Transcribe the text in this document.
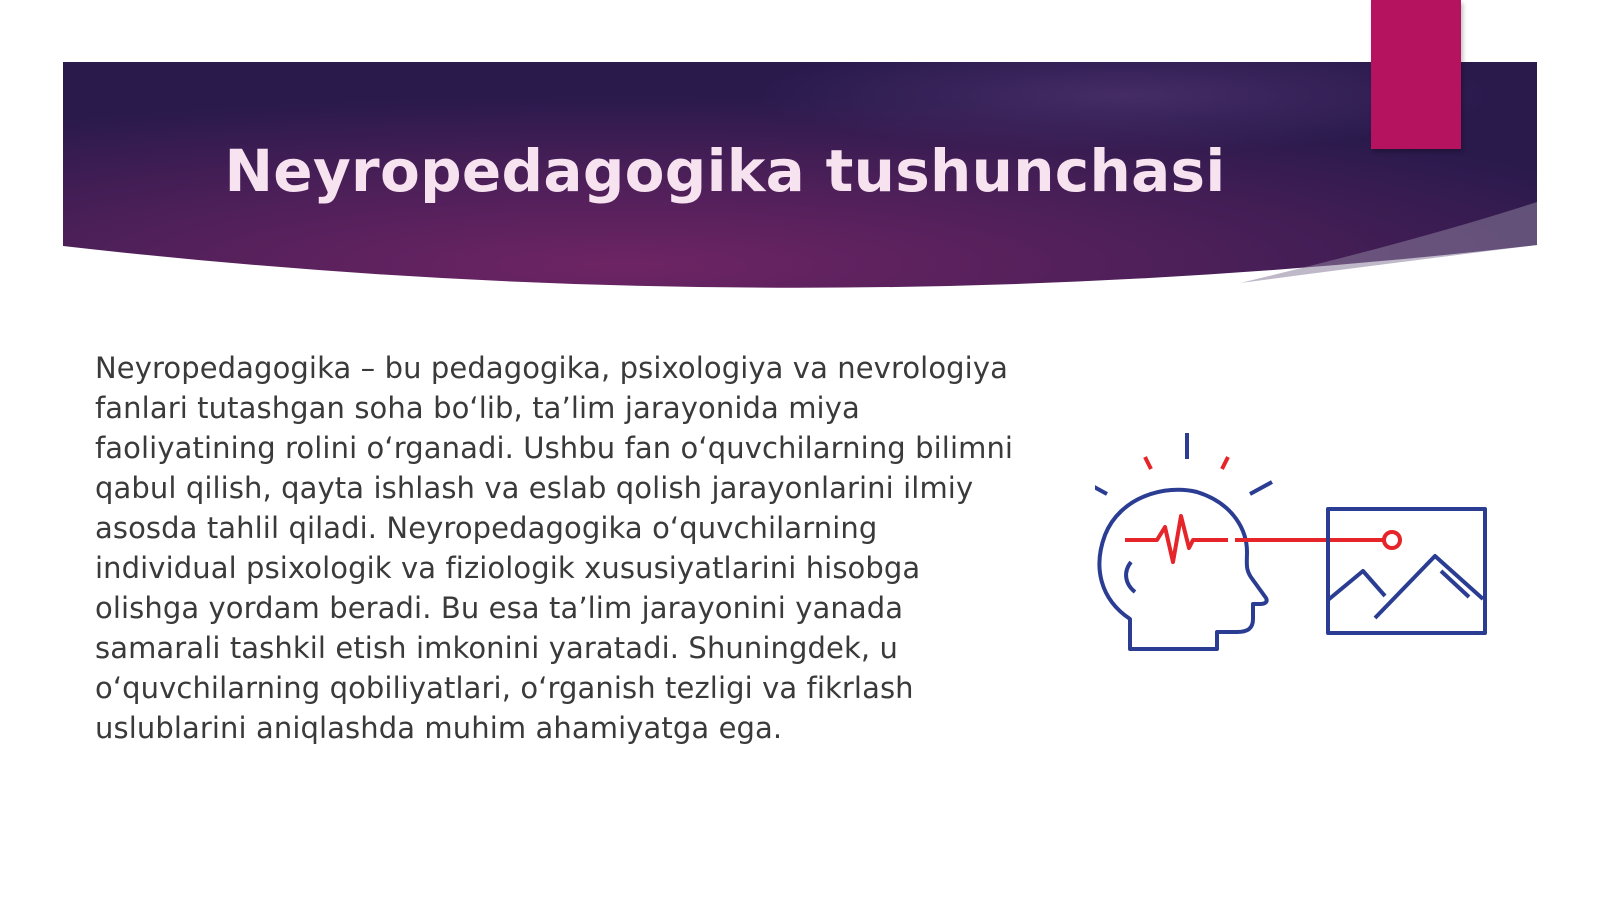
Neyropedagogika tushunchasi

Neyropedagogika – bu pedagogika, psixologiya va nevrologiya fanlari tutashgan soha bo‘lib, ta’lim jarayonida miya faoliyatining rolini o‘rganadi. Ushbu fan o‘quvchilarning bilimni qabul qilish, qayta ishlash va eslab qolish jarayonlarini ilmiy asosda tahlil qiladi. Neyropedagogika o‘quvchilarning individual psixologik va fiziologik xususiyatlarini hisobga olishga yordam beradi. Bu esa ta’lim jarayonini yanada samarali tashkil etish imkonini yaratadi. Shuningdek, u o‘quvchilarning qobiliyatlari, o‘rganish tezligi va fikrlash uslublarini aniqlashda muhim ahamiyatga ega.
